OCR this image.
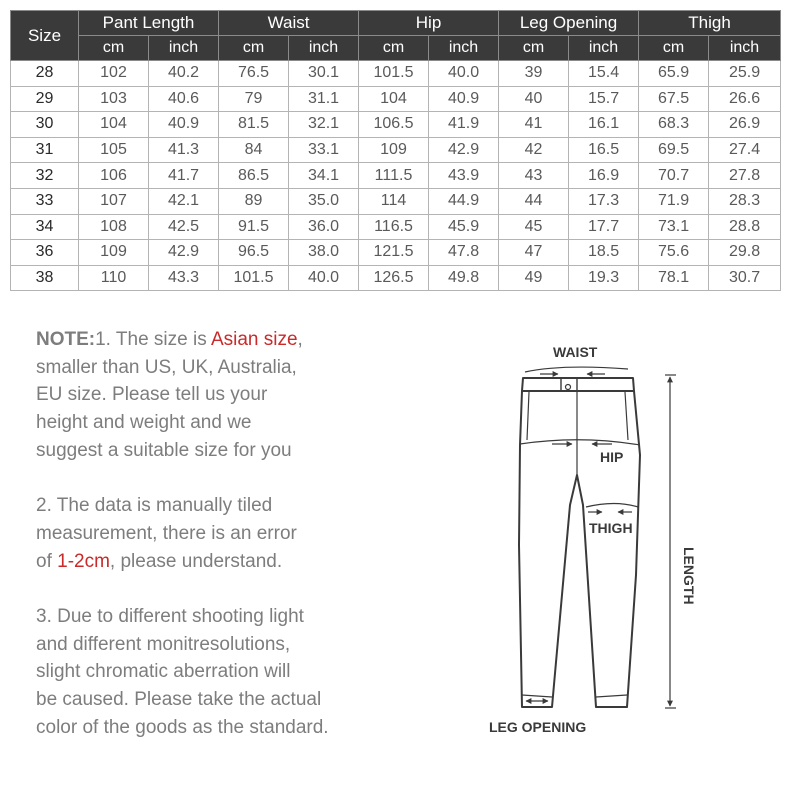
Size	Pant Length		Waist		Hip		Leg Opening		Thigh	
	cm	inch	cm	inch	cm	inch	cm	inch	cm	inch
28	102	40.2	76.5	30.1	101.5	40.0	39	15.4	65.9	25.9
29	103	40.6	79	31.1	104	40.9	40	15.7	67.5	26.6
30	104	40.9	81.5	32.1	106.5	41.9	41	16.1	68.3	26.9
31	105	41.3	84	33.1	109	42.9	42	16.5	69.5	27.4
32	106	41.7	86.5	34.1	111.5	43.9	43	16.9	70.7	27.8
33	107	42.1	89	35.0	114	44.9	44	17.3	71.9	28.3
34	108	42.5	91.5	36.0	116.5	45.9	45	17.7	73.1	28.8
36	109	42.9	96.5	38.0	121.5	47.8	47	18.5	75.6	29.8
38	110	43.3	101.5	40.0	126.5	49.8	49	19.3	78.1	30.7

NOTE:1. The size is Asian size,

smaller than US, UK, Australia,

EU size. Please tell us your

height and weight and we

suggest a suitable size for you

2. The data is manually tiled

measurement, there is an error

of 1-2cm, please understand.

3. Due to different shooting light

and different monitresolutions,

slight chromatic aberration will

be caused. Please take the actual

color of the goods as the standard.

WAIST
HIP
THIGH
LENGTH
LEG OPENING
